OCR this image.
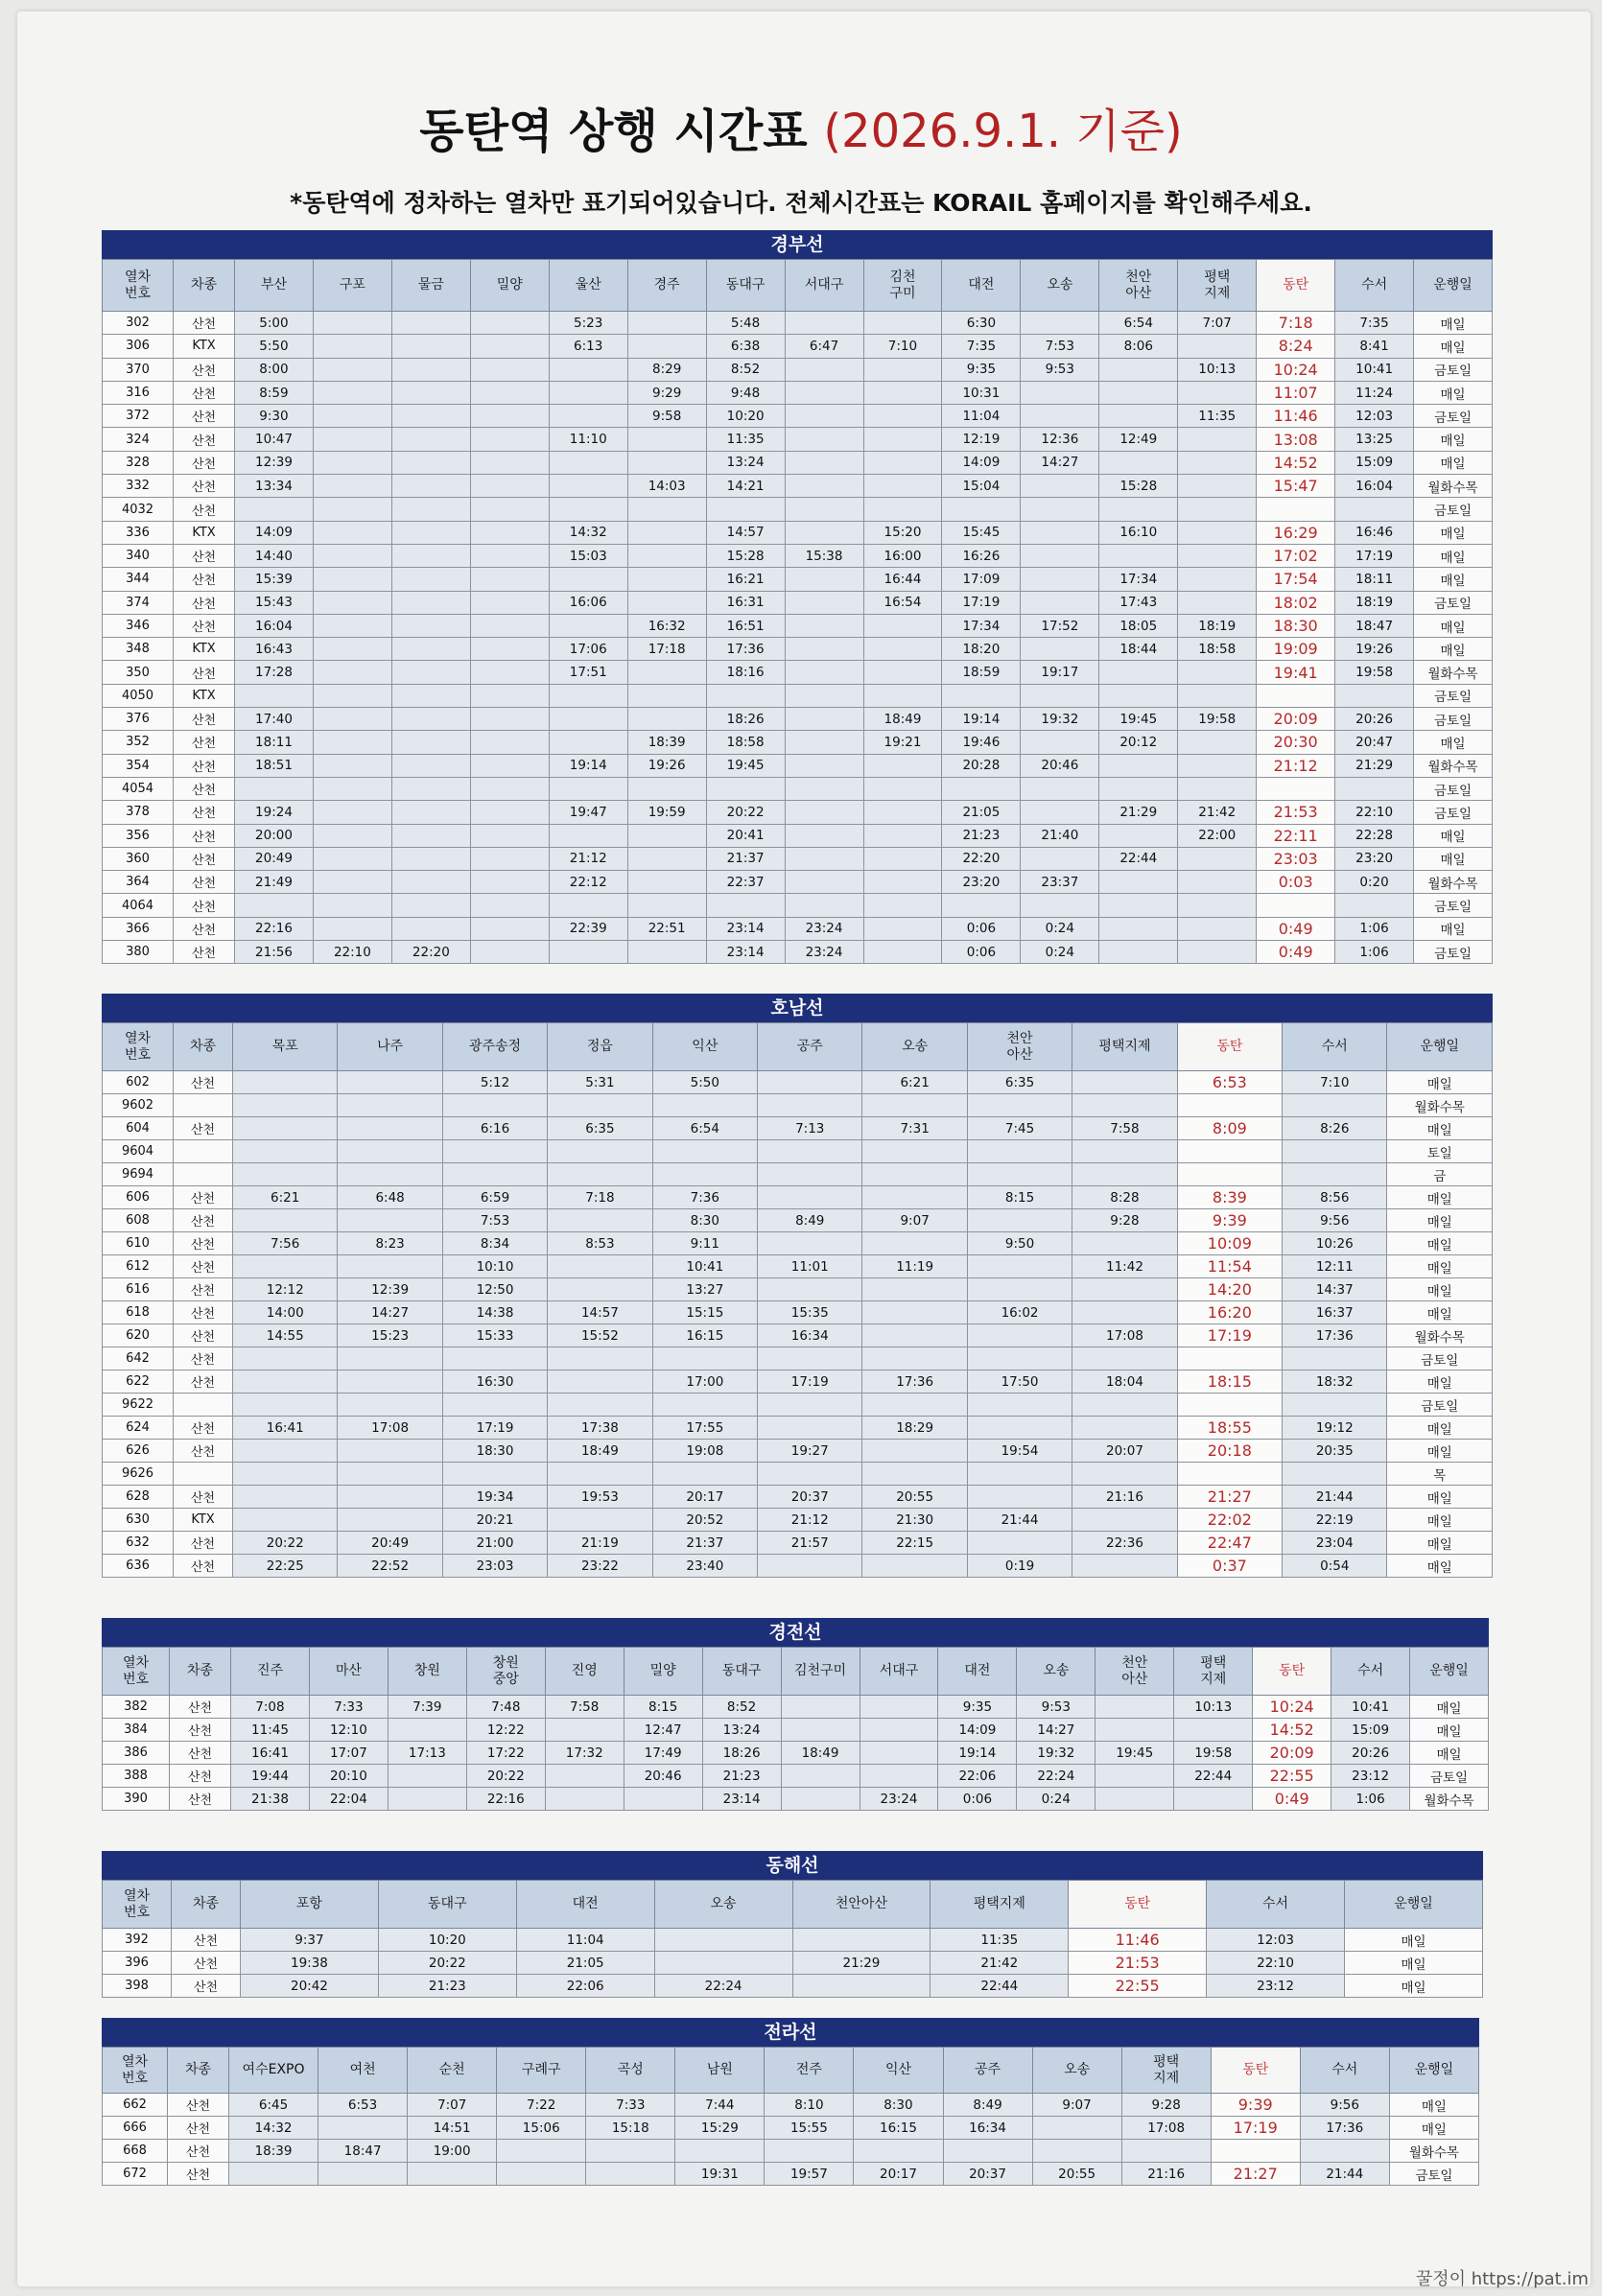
동탄역 상행 시간표 (2026.9.1. 기준)
*동탄역에 정차하는 열차만 표기되어있습니다. 전체시간표는 KORAIL 홈페이지를 확인해주세요.
경부선
열차
번호	차종	부산	구포	물금	밀양	울산	경주	동대구	서대구	김천
구미	대전	오송	천안
아산	평택
지제	동탄	수서	운행일
302	산천	5:00				5:23		5:48			6:30		6:54	7:07	7:18	7:35	매일
306	KTX	5:50				6:13		6:38	6:47	7:10	7:35	7:53	8:06		8:24	8:41	매일
370	산천	8:00					8:29	8:52			9:35	9:53		10:13	10:24	10:41	금토일
316	산천	8:59					9:29	9:48			10:31				11:07	11:24	매일
372	산천	9:30					9:58	10:20			11:04			11:35	11:46	12:03	금토일
324	산천	10:47				11:10		11:35			12:19	12:36	12:49		13:08	13:25	매일
328	산천	12:39						13:24			14:09	14:27			14:52	15:09	매일
332	산천	13:34					14:03	14:21			15:04		15:28		15:47	16:04	월화수목
4032	산천																금토일
336	KTX	14:09				14:32		14:57		15:20	15:45		16:10		16:29	16:46	매일
340	산천	14:40				15:03		15:28	15:38	16:00	16:26				17:02	17:19	매일
344	산천	15:39						16:21		16:44	17:09		17:34		17:54	18:11	매일
374	산천	15:43				16:06		16:31		16:54	17:19		17:43		18:02	18:19	금토일
346	산천	16:04					16:32	16:51			17:34	17:52	18:05	18:19	18:30	18:47	매일
348	KTX	16:43				17:06	17:18	17:36			18:20		18:44	18:58	19:09	19:26	매일
350	산천	17:28				17:51		18:16			18:59	19:17			19:41	19:58	월화수목
4050	KTX																금토일
376	산천	17:40						18:26		18:49	19:14	19:32	19:45	19:58	20:09	20:26	금토일
352	산천	18:11					18:39	18:58		19:21	19:46		20:12		20:30	20:47	매일
354	산천	18:51				19:14	19:26	19:45			20:28	20:46			21:12	21:29	월화수목
4054	산천																금토일
378	산천	19:24				19:47	19:59	20:22			21:05		21:29	21:42	21:53	22:10	금토일
356	산천	20:00						20:41			21:23	21:40		22:00	22:11	22:28	매일
360	산천	20:49				21:12		21:37			22:20		22:44		23:03	23:20	매일
364	산천	21:49				22:12		22:37			23:20	23:37			0:03	0:20	월화수목
4064	산천																금토일
366	산천	22:16				22:39	22:51	23:14	23:24		0:06	0:24			0:49	1:06	매일
380	산천	21:56	22:10	22:20				23:14	23:24		0:06	0:24			0:49	1:06	금토일
호남선
열차
번호	차종	목포	나주	광주송정	정읍	익산	공주	오송	천안
아산	평택지제	동탄	수서	운행일
602	산천			5:12	5:31	5:50		6:21	6:35		6:53	7:10	매일
9602													월화수목
604	산천			6:16	6:35	6:54	7:13	7:31	7:45	7:58	8:09	8:26	매일
9604													토일
9694													금
606	산천	6:21	6:48	6:59	7:18	7:36			8:15	8:28	8:39	8:56	매일
608	산천			7:53		8:30	8:49	9:07		9:28	9:39	9:56	매일
610	산천	7:56	8:23	8:34	8:53	9:11			9:50		10:09	10:26	매일
612	산천			10:10		10:41	11:01	11:19		11:42	11:54	12:11	매일
616	산천	12:12	12:39	12:50		13:27					14:20	14:37	매일
618	산천	14:00	14:27	14:38	14:57	15:15	15:35		16:02		16:20	16:37	매일
620	산천	14:55	15:23	15:33	15:52	16:15	16:34			17:08	17:19	17:36	월화수목
642	산천												금토일
622	산천			16:30		17:00	17:19	17:36	17:50	18:04	18:15	18:32	매일
9622													금토일
624	산천	16:41	17:08	17:19	17:38	17:55		18:29			18:55	19:12	매일
626	산천			18:30	18:49	19:08	19:27		19:54	20:07	20:18	20:35	매일
9626													목
628	산천			19:34	19:53	20:17	20:37	20:55		21:16	21:27	21:44	매일
630	KTX			20:21		20:52	21:12	21:30	21:44		22:02	22:19	매일
632	산천	20:22	20:49	21:00	21:19	21:37	21:57	22:15		22:36	22:47	23:04	매일
636	산천	22:25	22:52	23:03	23:22	23:40			0:19		0:37	0:54	매일
경전선
열차
번호	차종	진주	마산	창원	창원
중앙	진영	밀양	동대구	김천구미	서대구	대전	오송	천안
아산	평택
지제	동탄	수서	운행일
382	산천	7:08	7:33	7:39	7:48	7:58	8:15	8:52			9:35	9:53		10:13	10:24	10:41	매일
384	산천	11:45	12:10		12:22		12:47	13:24			14:09	14:27			14:52	15:09	매일
386	산천	16:41	17:07	17:13	17:22	17:32	17:49	18:26	18:49		19:14	19:32	19:45	19:58	20:09	20:26	매일
388	산천	19:44	20:10		20:22		20:46	21:23			22:06	22:24		22:44	22:55	23:12	금토일
390	산천	21:38	22:04		22:16			23:14		23:24	0:06	0:24			0:49	1:06	월화수목
동해선
열차
번호	차종	포항	동대구	대전	오송	천안아산	평택지제	동탄	수서	운행일
392	산천	9:37	10:20	11:04			11:35	11:46	12:03	매일
396	산천	19:38	20:22	21:05		21:29	21:42	21:53	22:10	매일
398	산천	20:42	21:23	22:06	22:24		22:44	22:55	23:12	매일
전라선
열차
번호	차종	여수EXPO	여천	순천	구례구	곡성	남원	전주	익산	공주	오송	평택
지제	동탄	수서	운행일
662	산천	6:45	6:53	7:07	7:22	7:33	7:44	8:10	8:30	8:49	9:07	9:28	9:39	9:56	매일
666	산천	14:32		14:51	15:06	15:18	15:29	15:55	16:15	16:34		17:08	17:19	17:36	매일
668	산천	18:39	18:47	19:00											월화수목
672	산천						19:31	19:57	20:17	20:37	20:55	21:16	21:27	21:44	금토일
꿀정이 https://pat.im
